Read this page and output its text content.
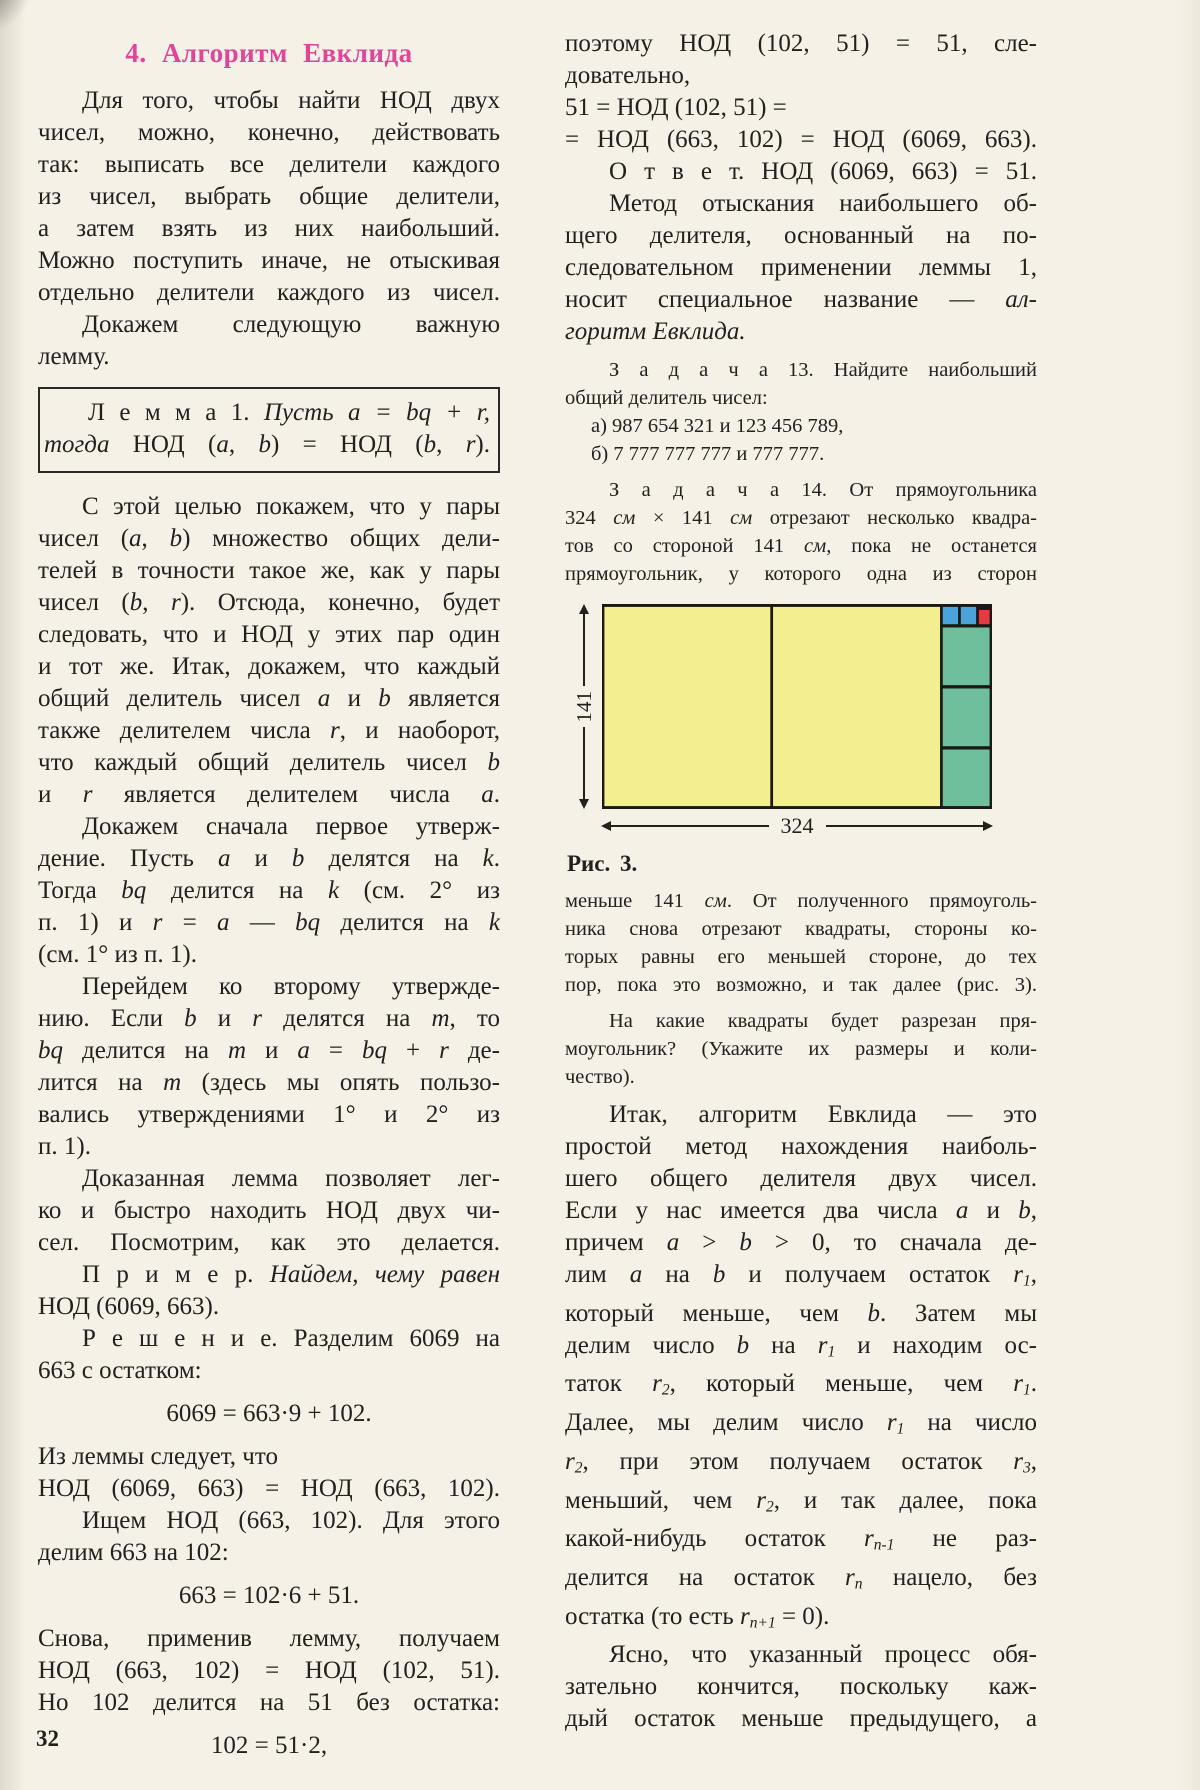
4. Алгоритм Евклида
Для того, чтобы найти НОД двух
чисел, можно, конечно, действовать
так: выписать все делители каждого
из чисел, выбрать общие делители,
а затем взять из них наибольший.
Можно поступить иначе, не отыскивая
отдельно делители каждого из чисел.
Докажем следующую важную
лемму.
Л е м м а 1. Пусть a = bq + r,
тогда НОД (a, b) = НОД (b, r).
С этой целью покажем, что у пары
чисел (a, b) множество общих дели-
телей в точности такое же, как у пары
чисел (b, r). Отсюда, конечно, будет
следовать, что и НОД у этих пар один
и тот же. Итак, докажем, что каждый
общий делитель чисел a и b является
также делителем числа r, и наоборот,
что каждый общий делитель чисел b
и r является делителем числа a.
Докажем сначала первое утверж-
дение. Пусть a и b делятся на k.
Тогда bq делится на k (см. 2° из
п. 1) и r = a — bq делится на k
(см. 1° из п. 1).
Перейдем ко второму утвержде-
нию. Если b и r делятся на m, то
bq делится на m и a = bq + r де-
лится на m (здесь мы опять пользо-
вались утверждениями 1° и 2° из
п. 1).
Доказанная лемма позволяет лег-
ко и быстро находить НОД двух чи-
сел. Посмотрим, как это делается.
П р и м е р. Найдем, чему равен
НОД (6069, 663).
Р е ш е н и е. Разделим 6069 на
663 с остатком:
6069 = 663·9 + 102.
Из леммы следует, что
НОД (6069, 663) = НОД (663, 102).
Ищем НОД (663, 102). Для этого
делим 663 на 102:
663 = 102·6 + 51.
Снова, применив лемму, получаем
НОД (663, 102) = НОД (102, 51).
Но 102 делится на 51 без остатка:
102 = 51·2,
поэтому НОД (102, 51) = 51, сле-
довательно,
51 = НОД (102, 51) =
= НОД (663, 102) = НОД (6069, 663).
О т в е т. НОД (6069, 663) = 51.
Метод отыскания наибольшего об-
щего делителя, основанный на по-
следовательном применении леммы 1,
носит специальное название — ал-
горитм Евклида.
З а д а ч а 13. Найдите наибольший
общий делитель чисел:
а) 987 654 321 и 123 456 789,
б) 7 777 777 777 и 777 777.
З а д а ч а 14. От прямоугольника
324 см × 141 см отрезают несколько квадра-
тов со стороной 141 см, пока не останется
прямоугольник, у которого одна из сторон
141
324
Рис. 3.
меньше 141 см. От полученного прямоуголь-
ника снова отрезают квадраты, стороны ко-
торых равны его меньшей стороне, до тех
пор, пока это возможно, и так далее (рис. 3).
На какие квадраты будет разрезан пря-
моугольник? (Укажите их размеры и коли-
чество).
Итак, алгоритм Евклида — это
простой метод нахождения наиболь-
шего общего делителя двух чисел.
Если у нас имеется два числа a и b,
причем a > b > 0, то сначала де-
лим a на b и получаем остаток r1,
который меньше, чем b. Затем мы
делим число b на r1 и находим ос-
таток r2, который меньше, чем r1.
Далее, мы делим число r1 на число
r2, при этом получаем остаток r3,
меньший, чем r2, и так далее, пока
какой-нибудь остаток rn-1 не раз-
делится на остаток rn нацело, без
остатка (то есть rn+1 = 0).
Ясно, что указанный процесс обя-
зательно кончится, поскольку каж-
дый остаток меньше предыдущего, а
32
